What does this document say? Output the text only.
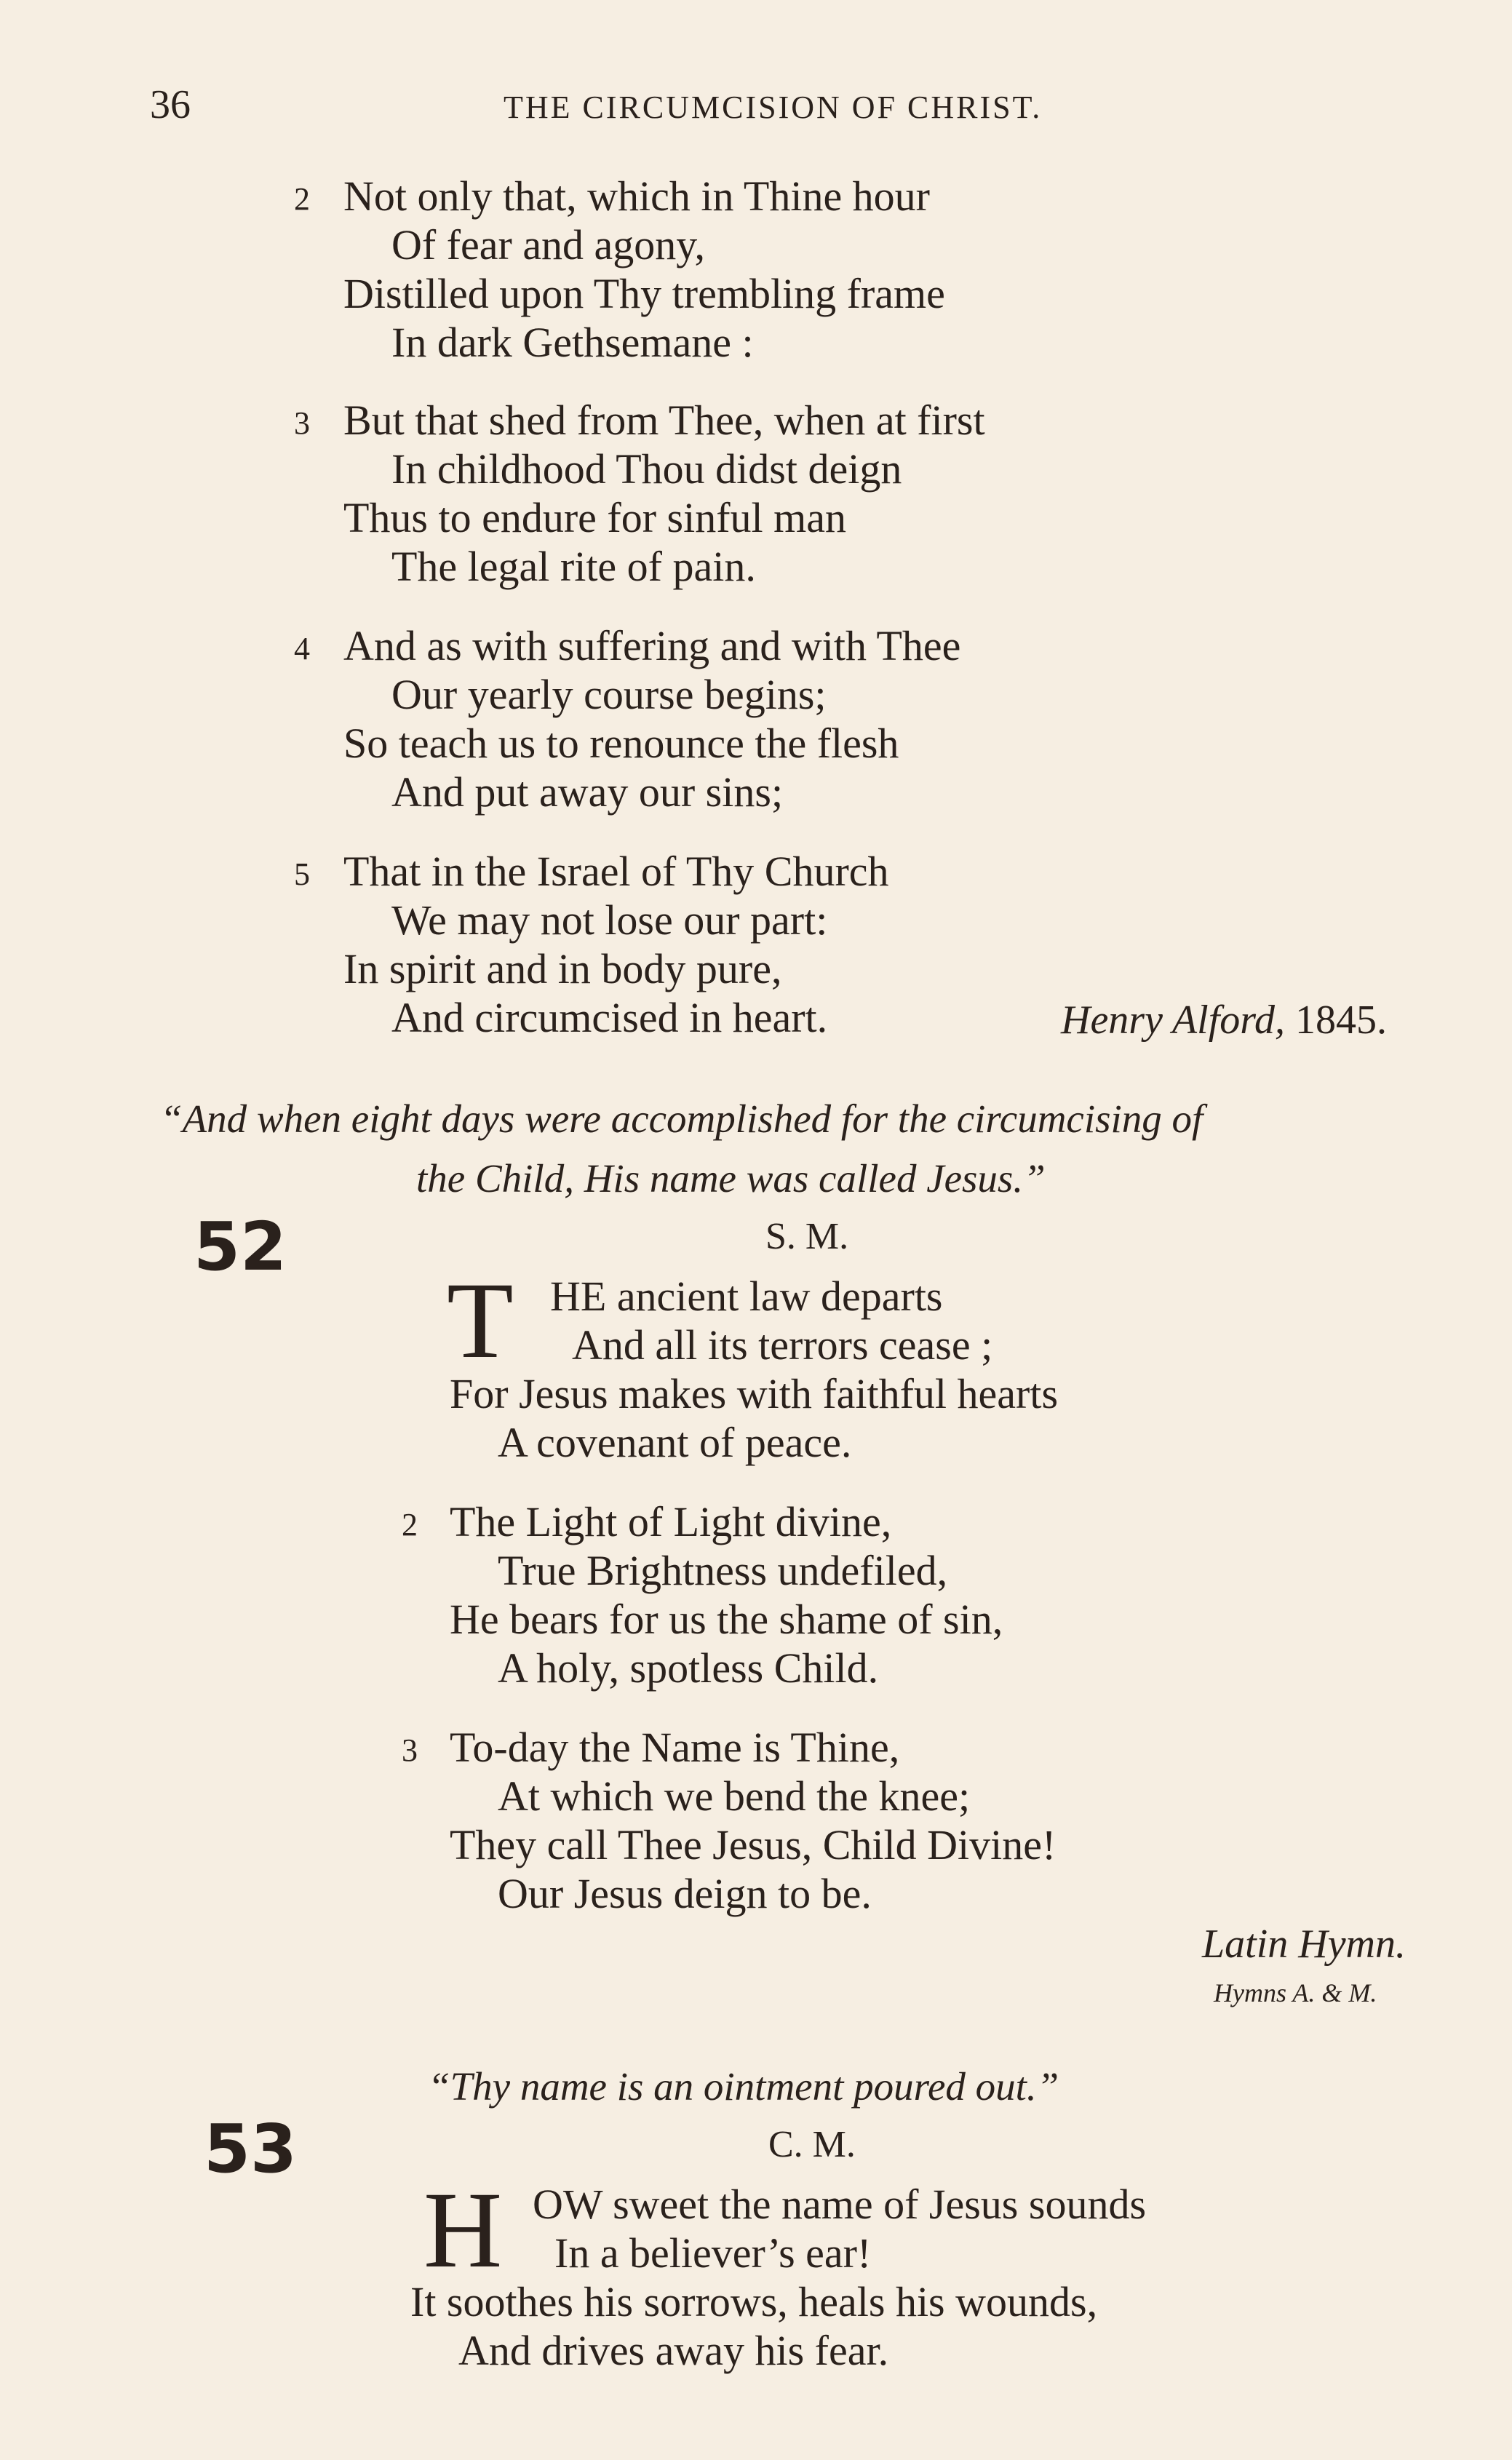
36	THE CIRCUMCISION OF CHRIST.
2 Not only that, which in Thine hour
Of fear and agony,
Distilled upon Thy trembling frame
In dark Gethsemane :
3 But that shed from Thee, when at first
In childhood Thou didst deign
Thus to endure for sinful man
The legal rite of pain.
4 And as with suffering and with Thee
Our yearly course begins;
So teach us to renounce the flesh
And put away our sins;
5 That in the Israel of Thy Church
We may not lose our part:
In spirit and in body pure,
And circumcised in heart.	Henry Alford, 1845.
“And when eight days were accomplished for the circumcising of
the Child, His name was called Jesus.”
52	S. M.
T HE ancient law departs
And all its terrors cease ;
For Jesus makes with faithful hearts
A covenant of peace.
2 The Light of Light divine,
True Brightness undefiled,
He bears for us the shame of sin,
A holy, spotless Child.
3 To-day the Name is Thine,
At which we bend the knee;
They call Thee Jesus, Child Divine!
Our Jesus deign to be.
Latin Hymn.
Hymns A. & M.
“Thy name is an ointment poured out.”
53	C. M.
H OW sweet the name of Jesus sounds
In a believer’s ear!
It soothes his sorrows, heals his wounds,
And drives away his fear.
